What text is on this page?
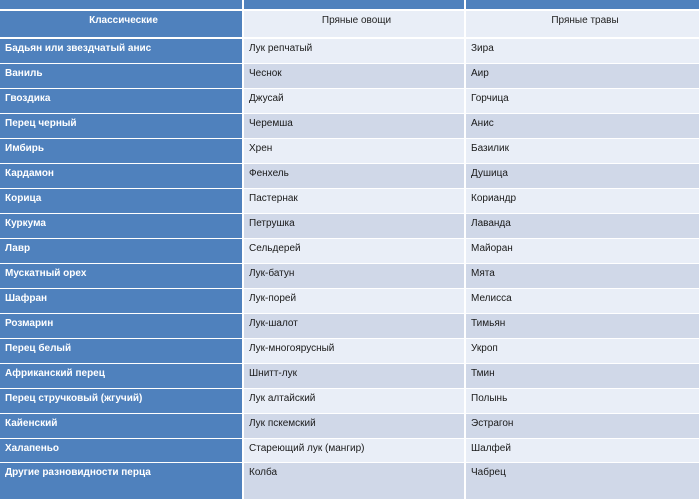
Классические	Пряные овощи	Пряные травы
Бадьян или звездчатый анис	Лук репчатый	Зира
Ваниль	Чеснок	Аир
Гвоздика	Джусай	Горчица
Перец черный	Черемша	Анис
Имбирь	Хрен	Базилик
Кардамон	Фенхель	Душица
Корица	Пастернак	Кориандр
Куркума	Петрушка	Лаванда
Лавр	Сельдерей	Майоран
Мускатный орех	Лук-батун	Мята
Шафран	Лук-порей	Мелисса
Розмарин	Лук-шалот	Тимьян
Перец белый	Лук-многоярусный	Укроп
Африканский перец	Шнитт-лук	Тмин
Перец стручковый (жгучий)	Лук алтайский	Полынь
Кайенский	Лук пскемский	Эстрагон
Халапеньо	Стареющий лук (мангир)	Шалфей
Другие разновидности перца	Колба	Чабрец
